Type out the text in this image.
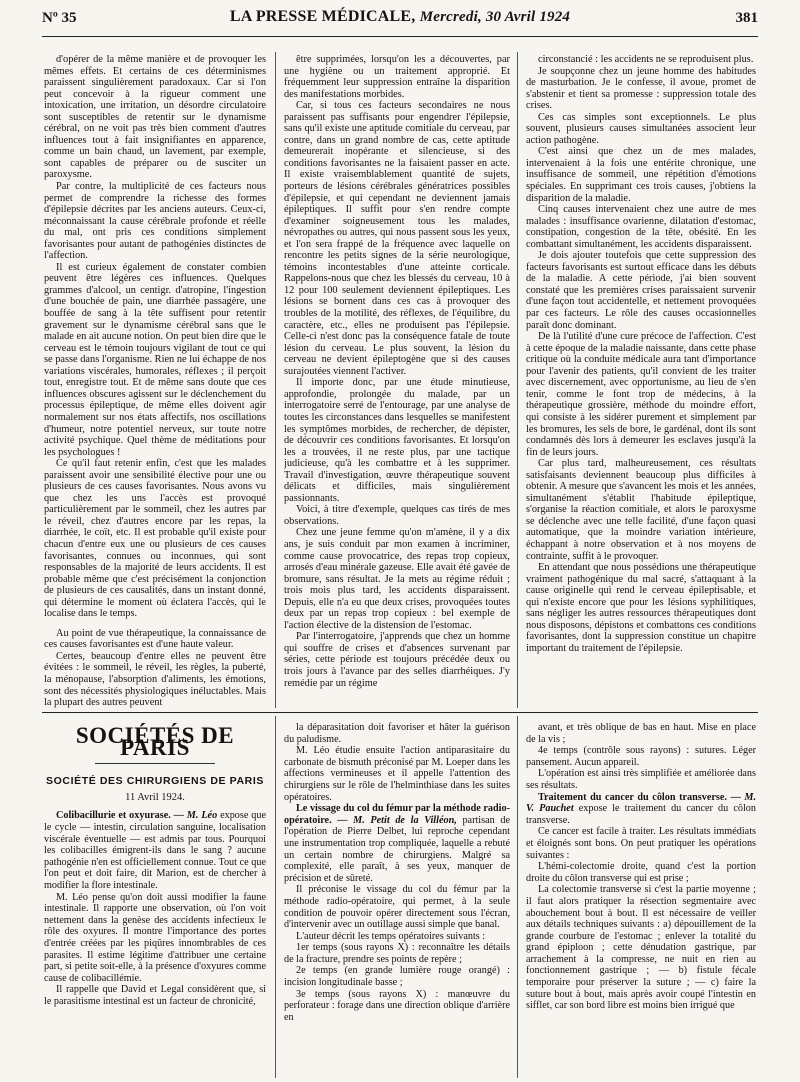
Nº 35	LA PRESSE MÉDICALE, Mercredi, 30 Avril 1924	381

d'opérer de la même manière et de provoquer les mêmes effets. Et certains de ces déterminismes paraissent singulièrement paradoxaux. Car si l'on peut concevoir à la rigueur comment une intoxication, une irritation, un désordre circulatoire sont susceptibles de retentir sur le dynamisme cérébral, on ne voit pas très bien comment d'autres influences tout à fait insignifiantes en apparence, comme un bain chaud, un lavement, par exemple, sont capables de préparer ou de susciter un paroxysme.

Par contre, la multiplicité de ces facteurs nous permet de comprendre la richesse des formes d'épilepsie décrites par les anciens auteurs. Ceux-ci, méconnaissant la cause cérébrale profonde et réelle du mal, ont pris ces conditions simplement favorisantes pour autant de pathogénies distinctes de l'affection.

Il est curieux également de constater combien peuvent être légères ces influences. Quelques grammes d'alcool, un centigr. d'atropine, l'ingestion d'une bouchée de pain, une diarrhée passagère, une bouffée de sang à la tête suffisent pour retentir gravement sur le dynamisme cérébral sans que le malade en ait aucune notion. On peut bien dire que le cerveau est le témoin toujours vigilant de tout ce qui se passe dans l'organisme. Rien ne lui échappe de nos variations viscérales, humorales, réflexes ; il perçoit tout, enregistre tout. Et de même sans doute que ces influences obscures agissent sur le déclenchement du processus épileptique, de même elles doivent agir normalement sur nos états affectifs, nos oscillations d'humeur, notre potentiel nerveux, sur toute notre activité psychique. Quel thème de méditations pour les psychologues !

Ce qu'il faut retenir enfin, c'est que les malades paraissent avoir une sensibilité élective pour une ou plusieurs de ces causes favorisantes. Nous avons vu que chez les uns l'accès est provoqué particulièrement par le sommeil, chez les autres par le réveil, chez d'autres encore par les repas, la diarrhée, le coït, etc. Il est probable qu'il existe pour chacun d'entre eux une ou plusieurs de ces causes favorisantes, connues ou inconnues, qui sont responsables de la majorité de leurs accidents. Il est probable même que c'est précisément la conjonction de plusieurs de ces causalités, dans un instant donné, qui détermine le moment où éclatera l'accès, qui le localise dans le temps.

Au point de vue thérapeutique, la connaissance de ces causes favorisantes est d'une haute valeur.

Certes, beaucoup d'entre elles ne peuvent être évitées : le sommeil, le réveil, les règles, la puberté, la ménopause, l'absorption d'aliments, les émotions, sont des nécessités physiologiques inéluctables. Mais la plupart des autres peuvent

être supprimées, lorsqu'on les a découvertes, par une hygiène ou un traitement approprié. Et fréquemment leur suppression entraîne la disparition des manifestations morbides.

Car, si tous ces facteurs secondaires ne nous paraissent pas suffisants pour engendrer l'épilepsie, sans qu'il existe une aptitude comitiale du cerveau, par contre, dans un grand nombre de cas, cette aptitude demeurerait inopérante et silencieuse, si des conditions favorisantes ne la faisaient passer en acte. Il existe vraisemblablement quantité de sujets, porteurs de lésions cérébrales génératrices possibles d'épilepsie, et qui cependant ne deviennent jamais épileptiques. Il suffit pour s'en rendre compte d'examiner soigneusement tous les malades, névropathes ou autres, qui nous passent sous les yeux, et l'on sera frappé de la fréquence avec laquelle on rencontre les petits signes de la série neurologique, témoins incontestables d'une atteinte corticale. Rappelons-nous que chez les blessés du cerveau, 10 à 12 pour 100 seulement deviennent épileptiques. Les lésions se bornent dans ces cas à provoquer des troubles de la motilité, des réflexes, de l'équilibre, du caractère, etc., elles ne produisent pas l'épilepsie. Celle-ci n'est donc pas la conséquence fatale de toute lésion du cerveau. Le plus souvent, la lésion du cerveau ne devient épileptogène que si des causes surajoutées viennent l'activer.

Il importe donc, par une étude minutieuse, approfondie, prolongée du malade, par un interrogatoire serré de l'entourage, par une analyse de toutes les circonstances dans lesquelles se manifestent les symptômes morbides, de rechercher, de dépister, de découvrir ces conditions favorisantes. Et lorsqu'on les a trouvées, il ne reste plus, par une tactique judicieuse, qu'à les combattre et à les supprimer. Travail d'investigation, œuvre thérapeutique souvent délicats et difficiles, mais singulièrement passionnants.

Voici, à titre d'exemple, quelques cas tirés de mes observations.

Chez une jeune femme qu'on m'amène, il y a dix ans, je suis conduit par mon examen à incriminer, comme cause provocatrice, des repas trop copieux, arrosés d'eau minérale gazeuse. Elle avait été gavée de bromure, sans résultat. Je la mets au régime réduit ; trois mois plus tard, les accidents disparaissent. Depuis, elle n'a eu que deux crises, provoquées toutes deux par un repas trop copieux : bel exemple de l'action élective de la distension de l'estomac.

Par l'interrogatoire, j'apprends que chez un homme qui souffre de crises et d'absences survenant par séries, cette période est toujours précédée deux ou trois jours à l'avance par des selles diarrhéiques. J'y remédie par un régime

circonstancié : les accidents ne se reproduisent plus.

Je soupçonne chez un jeune homme des habitudes de masturbation. Je le confesse, il avoue, promet de s'abstenir et tient sa promesse : suppression totale des crises.

Ces cas simples sont exceptionnels. Le plus souvent, plusieurs causes simultanées associent leur action pathogène.

C'est ainsi que chez un de mes malades, intervenaient à la fois une entérite chronique, une insuffisance de sommeil, une répétition d'émotions spéciales. En supprimant ces trois causes, j'obtiens la disparition de la maladie.

Cinq causes intervenaient chez une autre de mes malades : insuffisance ovarienne, dilatation d'estomac, constipation, congestion de la tête, obésité. En les combattant simultanément, les accidents disparaissent.

Je dois ajouter toutefois que cette suppression des facteurs favorisants est surtout efficace dans les débuts de la maladie. A cette période, j'ai bien souvent constaté que les premières crises paraissaient survenir d'une façon tout accidentelle, et nettement provoquées par ces facteurs. Le rôle des causes occasionnelles paraît donc dominant.

De là l'utilité d'une cure précoce de l'affection. C'est à cette époque de la maladie naissante, dans cette phase critique où la conduite médicale aura tant d'importance pour l'avenir des patients, qu'il convient de les traiter avec discernement, avec opportunisme, au lieu de s'en tenir, comme le font trop de médecins, à la thérapeutique grossière, méthode du moindre effort, qui consiste à les sidérer purement et simplement par les bromures, les sels de bore, le gardénal, dont ils sont condamnés dès lors à demeurer les esclaves jusqu'à la fin de leurs jours.

Car plus tard, malheureusement, ces résultats satisfaisants deviennent beaucoup plus difficiles à obtenir. A mesure que s'avancent les mois et les années, simultanément s'établit l'habitude épileptique, s'organise la réaction comitiale, et alors le paroxysme se déclenche avec une telle facilité, d'une façon quasi automatique, que la moindre variation intérieure, échappant à notre observation et à nos moyens de contrainte, suffit à le provoquer.

En attendant que nous possédions une thérapeutique vraiment pathogénique du mal sacré, s'attaquant à la cause originelle qui rend le cerveau épileptisable, et qui n'existe encore que pour les lésions syphilitiques, sans négliger les autres ressources thérapeutiques dont nous disposons, dépistons et combattons ces conditions favorisantes, dont la suppression constitue un chapitre important du traitement de l'épilepsie.

SOCIÉTÉS DE PARIS
SOCIÉTÉ DES CHIRURGIENS DE PARIS
11 Avril 1924.

Colibacillurie et oxyurase. — M. Léo expose que le cycle — intestin, circulation sanguine, localisation viscérale éventuelle — est admis par tous. Pourquoi les colibacilles émigrent-ils dans le sang ? aucune pathogénie n'en est officiellement connue. Tout ce que l'on peut et doit faire, dit Marion, est de chercher à modifier la flore intestinale.

M. Léo pense qu'on doit aussi modifier la faune intestinale. Il rapporte une observation, où l'on voit nettement dans la genèse des accidents infectieux le rôle des oxyures. Il montre l'importance des portes d'entrée créées par les piqûres innombrables de ces parasites. Il estime légitime d'attribuer une certaine part, si petite soit-elle, à la présence d'oxyures comme cause de colibacillémie.

Il rappelle que David et Legal considèrent que, si le parasitisme intestinal est un facteur de chronicité,

la déparasitation doit favoriser et hâter la guérison du paludisme.

M. Léo étudie ensuite l'action antiparasitaire du carbonate de bismuth préconisé par M. Loeper dans les affections vermineuses et il appelle l'attention des chirurgiens sur le rôle de l'helminthiase dans les suites opératoires.

Le vissage du col du fémur par la méthode radio-opératoire. — M. Petit de la Villéon, partisan de l'opération de Pierre Delbet, lui reproche cependant une instrumentation trop compliquée, laquelle a rebuté un certain nombre de chirurgiens. Malgré sa complexité, elle paraît, à ses yeux, manquer de précision et de sûreté.

Il préconise le vissage du col du fémur par la méthode radio-opératoire, qui permet, à la seule condition de pouvoir opérer directement sous l'écran, d'intervenir avec un outillage aussi simple que banal.

L'auteur décrit les temps opératoires suivants :

1er temps (sous rayons X) : reconnaître les détails de la fracture, prendre ses points de repère ;

2e temps (en grande lumière rouge orangé) : incision longitudinale basse ;

3e temps (sous rayons X) : manœuvre du perforateur : forage dans une direction oblique d'arrière en

avant, et très oblique de bas en haut. Mise en place de la vis ;

4e temps (contrôle sous rayons) : sutures. Léger pansement. Aucun appareil.

L'opération est ainsi très simplifiée et améliorée dans ses résultats.

Traitement du cancer du côlon transverse. — M. V. Pauchet expose le traitement du cancer du côlon transverse.

Ce cancer est facile à traiter. Les résultats immédiats et éloignés sont bons. On peut pratiquer les opérations suivantes :

L'hémi-colectomie droite, quand c'est la portion droite du côlon transverse qui est prise ;

La colectomie transverse si c'est la partie moyenne ; il faut alors pratiquer la résection segmentaire avec abouchement bout à bout. Il est nécessaire de veiller aux détails techniques suivants : a) dépouillement de la grande courbure de l'estomac ; enlever la totalité du grand épiploon ; cette dénudation gastrique, par arrachement à la compresse, ne nuit en rien au fonctionnement gastrique ; — b) fistule fécale temporaire pour préserver la suture ; — c) faire la suture bout à bout, mais après avoir coupé l'intestin en sifflet, car son bord libre est moins bien irrigué que
